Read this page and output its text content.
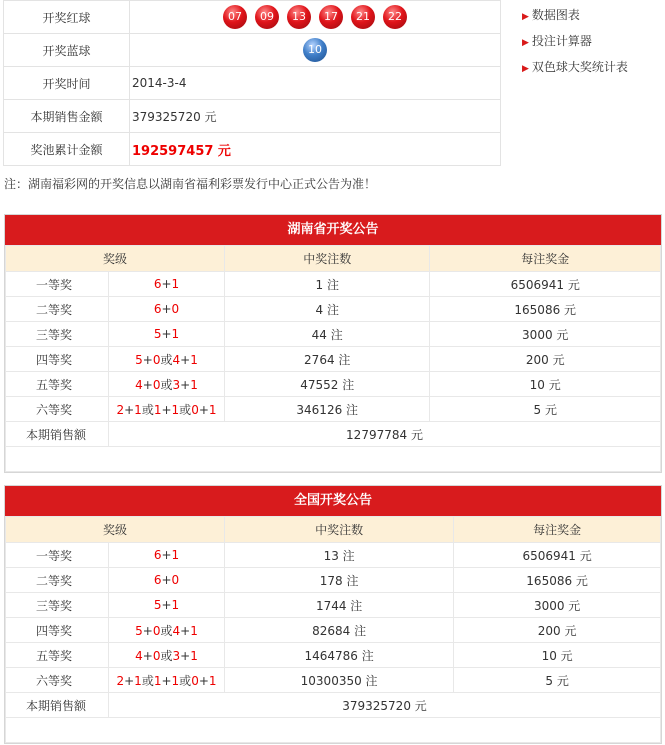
开奖红球	07 09 13 17 21 22
开奖蓝球	10
开奖时间	2014-3-4
本期销售金额	379325720 元
奖池累计金额	192597457 元
▶ 数据图表
▶ 投注计算器
▶ 双色球大奖统计表
注：湖南福彩网的开奖信息以湖南省福利彩票发行中心正式公告为准！
湖南省开奖公告
奖级		中奖注数	每注奖金
一等奖	6+1	1 注	6506941 元
二等奖	6+0	4 注	165086 元
三等奖	5+1	44 注	3000 元
四等奖	5+0或4+1	2764 注	200 元
五等奖	4+0或3+1	47552 注	10 元
六等奖	2+1或1+1或0+1	346126 注	5 元
本期销售额	12797784 元		

全国开奖公告
奖级		中奖注数	每注奖金
一等奖	6+1	13 注	6506941 元
二等奖	6+0	178 注	165086 元
三等奖	5+1	1744 注	3000 元
四等奖	5+0或4+1	82684 注	200 元
五等奖	4+0或3+1	1464786 注	10 元
六等奖	2+1或1+1或0+1	10300350 注	5 元
本期销售额	379325720 元		
